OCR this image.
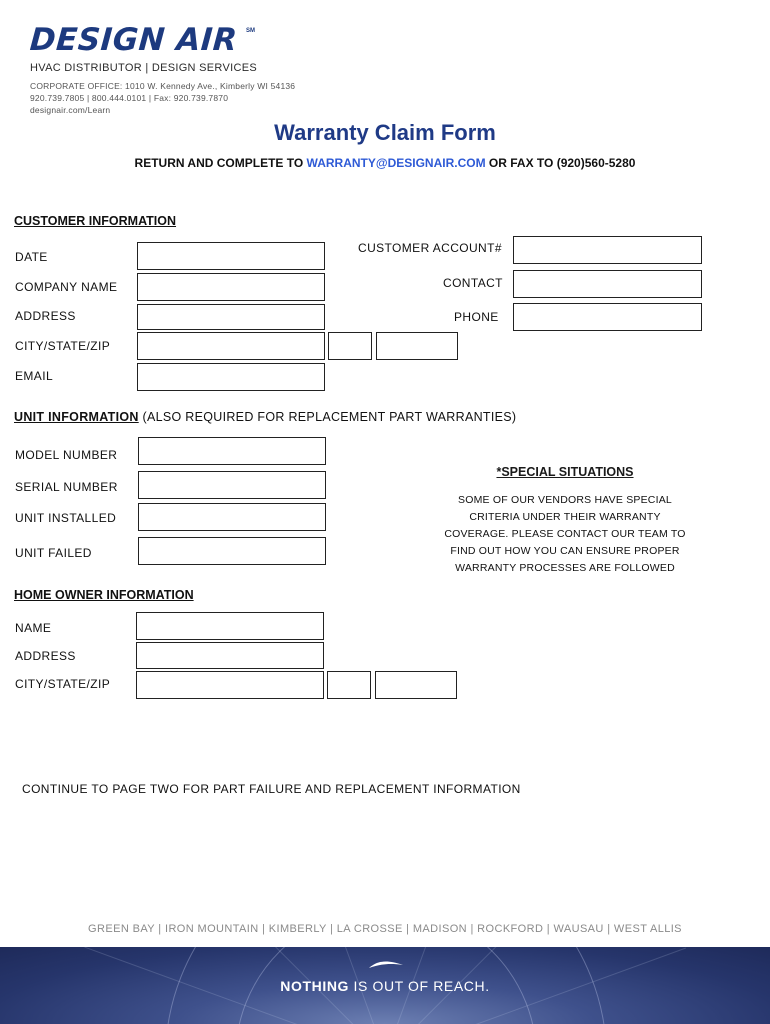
DESIGN AIR SM
HVAC DISTRIBUTOR | DESIGN SERVICES
CORPORATE OFFICE: 1010 W. Kennedy Ave., Kimberly WI 54136
920.739.7805 | 800.444.0101 | Fax: 920.739.7870
designair.com/Learn
Warranty Claim Form
RETURN AND COMPLETE TO WARRANTY@DESIGNAIR.COM OR FAX TO (920)560-5280
CUSTOMER INFORMATION
DATE
COMPANY NAME
ADDRESS
CITY/STATE/ZIP
EMAIL
CUSTOMER ACCOUNT#
CONTACT
PHONE
UNIT INFORMATION (ALSO REQUIRED FOR REPLACEMENT PART WARRANTIES)
MODEL NUMBER
SERIAL NUMBER
UNIT INSTALLED
UNIT FAILED
*SPECIAL SITUATIONS
SOME OF OUR VENDORS HAVE SPECIAL
CRITERIA UNDER THEIR WARRANTY
COVERAGE. PLEASE CONTACT OUR TEAM TO
FIND OUT HOW YOU CAN ENSURE PROPER
WARRANTY PROCESSES ARE FOLLOWED
HOME OWNER INFORMATION
NAME
ADDRESS
CITY/STATE/ZIP
CONTINUE TO PAGE TWO FOR PART FAILURE AND REPLACEMENT INFORMATION
GREEN BAY | IRON MOUNTAIN | KIMBERLY | LA CROSSE | MADISON | ROCKFORD | WAUSAU | WEST ALLIS
NOTHING IS OUT OF REACH.
